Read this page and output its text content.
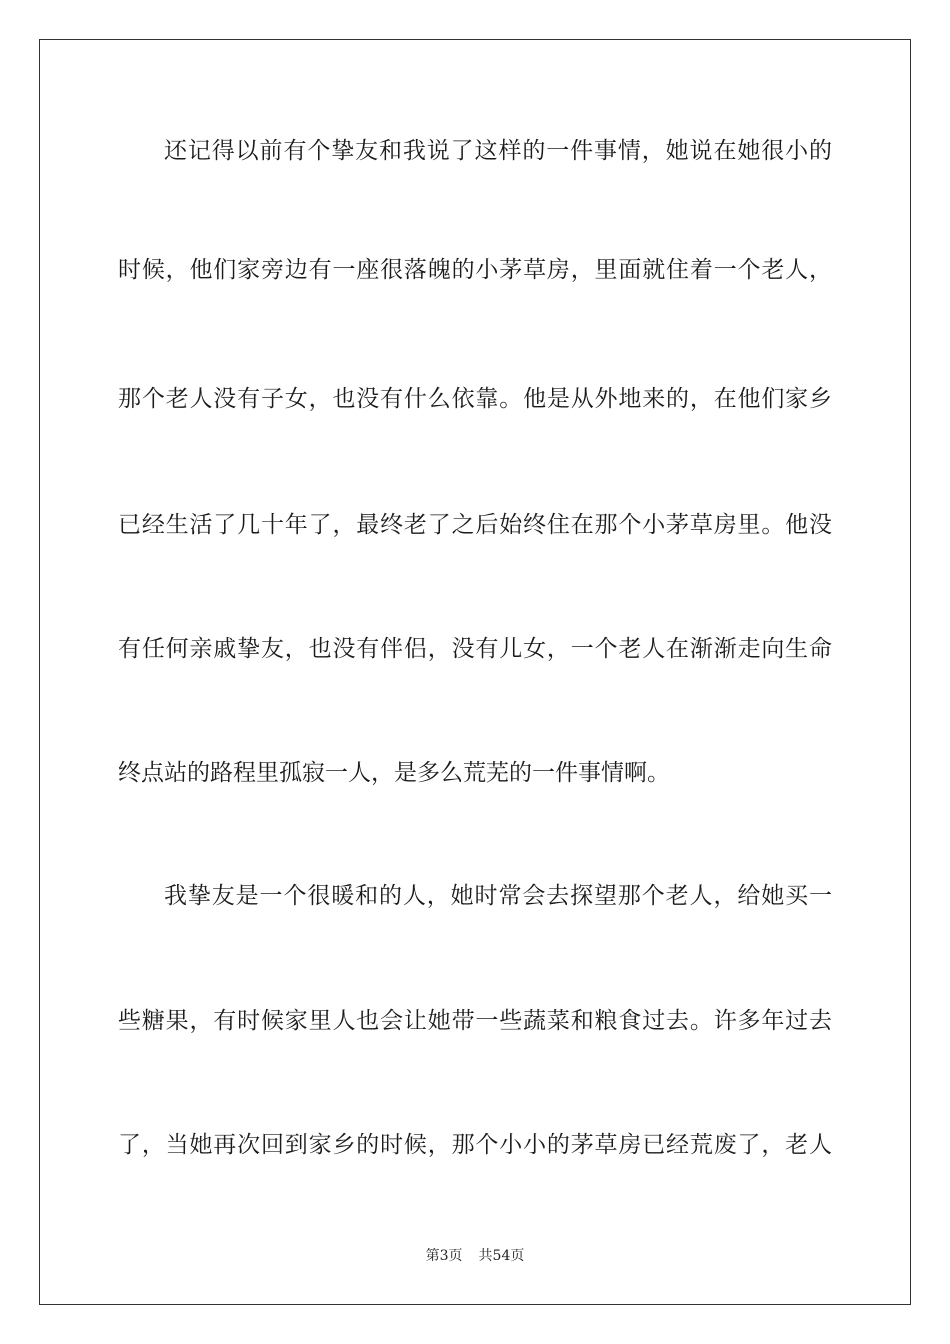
还记得以前有个挚友和我说了这样的一件事情，她说在她很小的
时候，他们家旁边有一座很落魄的小茅草房，里面就住着一个老人，
那个老人没有子女，也没有什么依靠。他是从外地来的，在他们家乡
已经生活了几十年了，最终老了之后始终住在那个小茅草房里。他没
有任何亲戚挚友，也没有伴侣，没有儿女，一个老人在渐渐走向生命
终点站的路程里孤寂一人，是多么荒芜的一件事情啊。
我挚友是一个很暖和的人，她时常会去探望那个老人，给她买一
些糖果，有时候家里人也会让她带一些蔬菜和粮食过去。许多年过去
了，当她再次回到家乡的时候，那个小小的茅草房已经荒废了，老人
第3页 共54页
